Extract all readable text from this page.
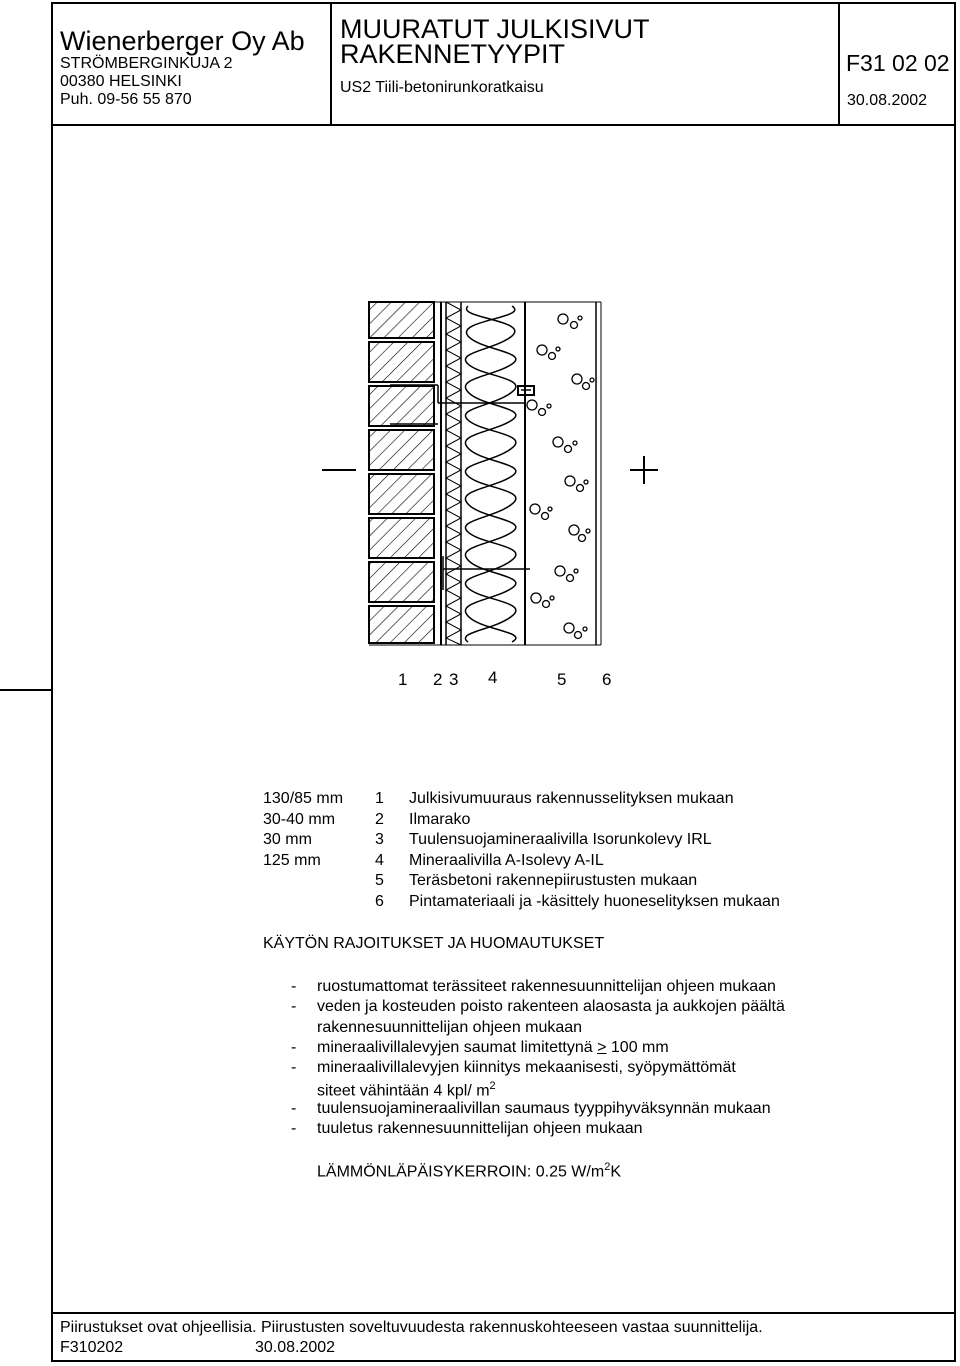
Wienerberger Oy Ab
STRÖMBERGINKUJA 2
00380 HELSINKI
Puh. 09-56 55 870
MUURATUT JULKISIVUT
RAKENNETYYPIT
US2 Tiili-betonirunkoratkaisu
F31 02 02
30.08.2002
1 2 3 4	5 6
130/85 mm	1	Julkisivumuuraus rakennusselityksen mukaan
30-40 mm	2	Ilmarako
30 mm	3	Tuulensuojamineraalivilla Isorunkolevy IRL
125 mm	4	Mineraalivilla A-Isolevy A-IL
	5	Teräsbetoni rakennepiirustusten mukaan
	6	Pintamateriaali ja -käsittely huoneselityksen mukaan
KÄYTÖN RAJOITUKSET JA HUOMAUTUKSET
- ruostumattomat terässiteet rakennesuunnittelijan ohjeen mukaan
- veden ja kosteuden poisto rakenteen alaosasta ja aukkojen päältä
rakennesuunnittelijan ohjeen mukaan
- mineraalivillalevyjen saumat limitettynä > 100 mm
- mineraalivillalevyjen kiinnitys mekaanisesti, syöpymättömät
siteet vähintään 4 kpl/ $m^2$
- tuulensuojamineraalivillan saumaus tyyppihyväksynnän mukaan
- tuuletus rakennesuunnittelijan ohjeen mukaan
LÄMMÖNLÄPÄISYKERROIN: 0.25 $W/m^2K$
Piirustukset ovat ohjeellisia. Piirustusten soveltuvuudesta rakennuskohteeseen vastaa suunnittelija.
F310202	30.08.2002
